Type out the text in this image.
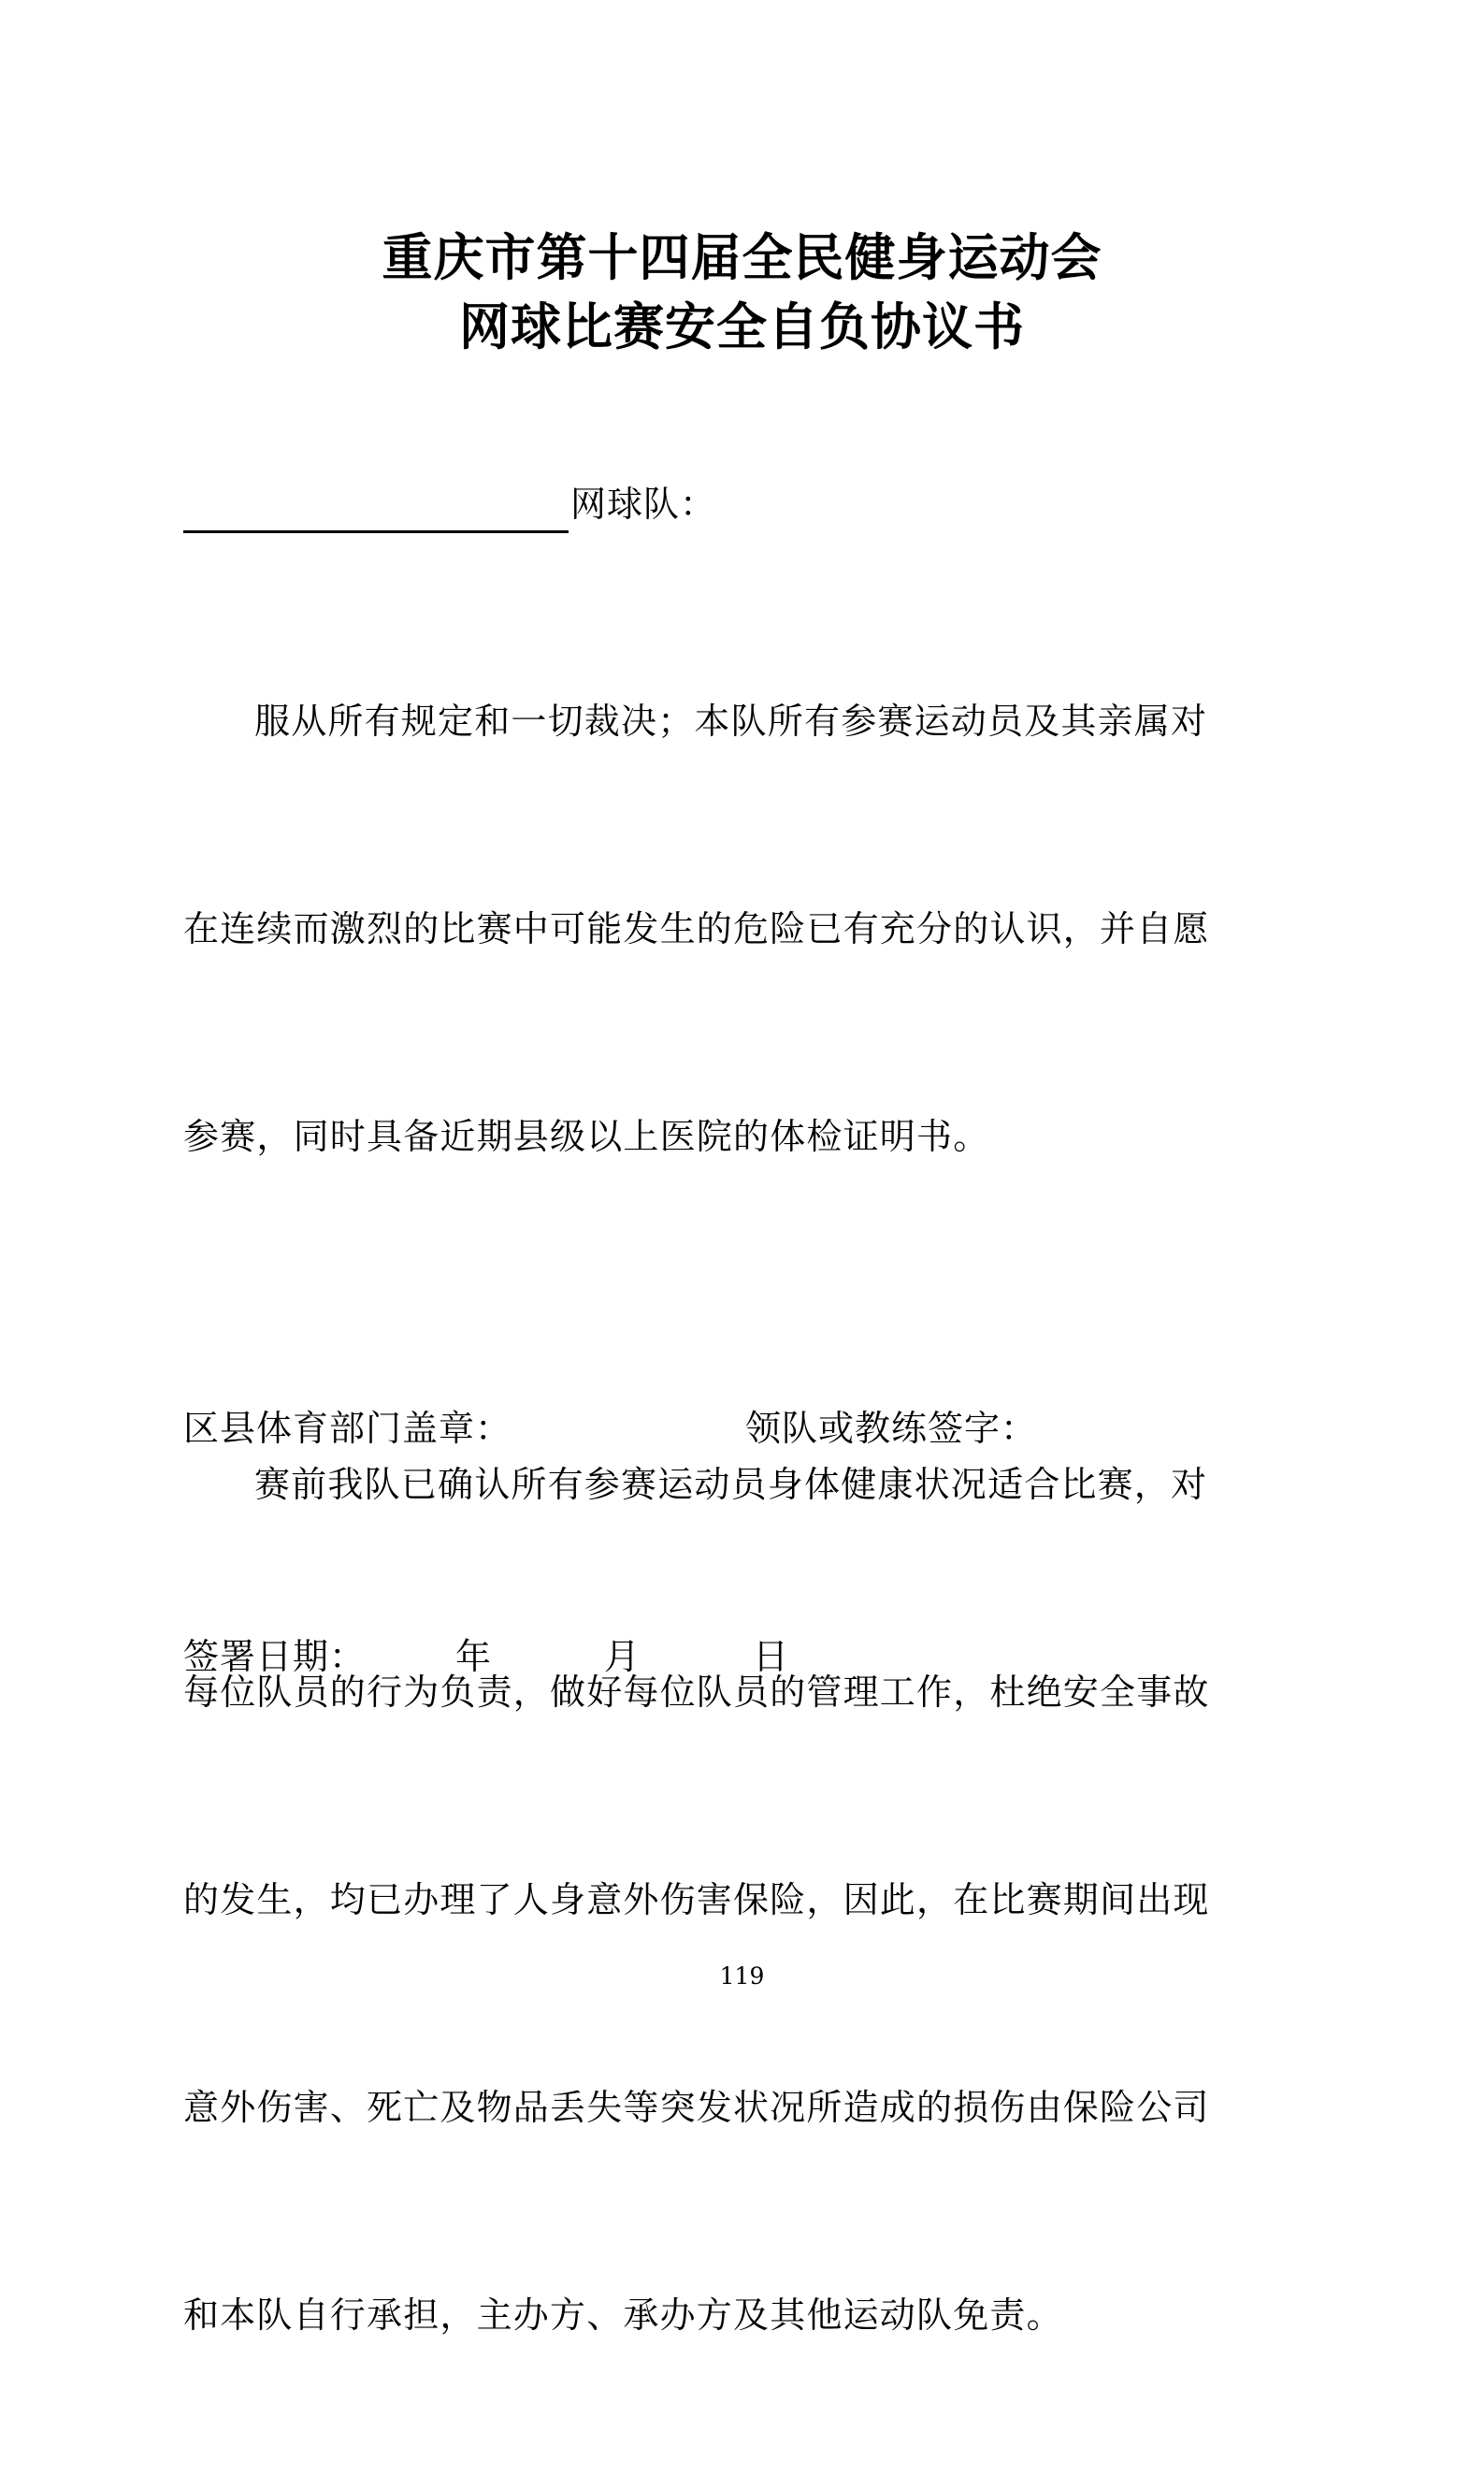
重庆市第十四届全民健身运动会
网球比赛安全自负协议书
网球队：

服从所有规定和一切裁决；本队所有参赛运动员及其亲属对

在连续而激烈的比赛中可能发生的危险已有充分的认识，并自愿

参赛，同时具备近期县级以上医院的体检证明书。

赛前我队已确认所有参赛运动员身体健康状况适合比赛，对

每位队员的行为负责，做好每位队员的管理工作，杜绝安全事故

的发生，均已办理了人身意外伤害保险，因此，在比赛期间出现

意外伤害、死亡及物品丢失等突发状况所造成的损伤由保险公司

和本队自行承担，主办方、承办方及其他运动队免责。

区县体育部门盖章：	领队或教练签字：
签署日期：	年	月	日
119
